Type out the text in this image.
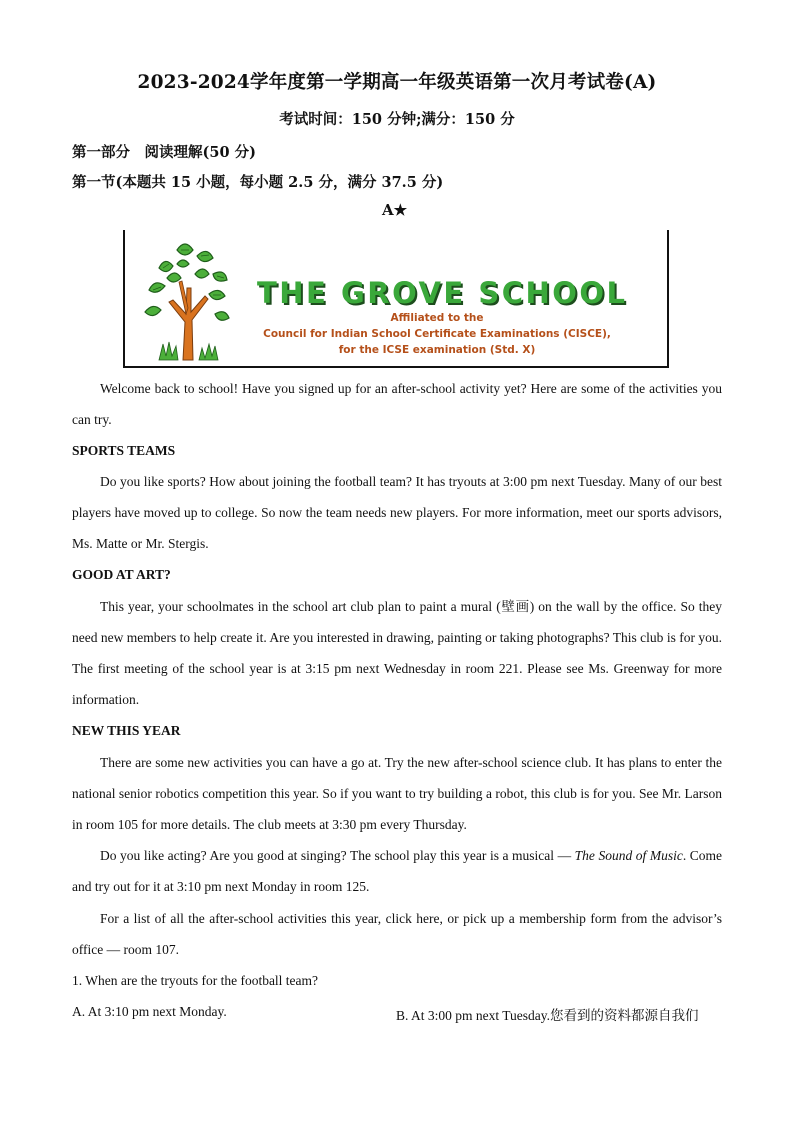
2023-2024学年度第一学期高一年级英语第一次月考试卷(A)
考试时间：150 分钟;满分：150 分
第一部分　阅读理解(50 分)
第一节(本题共 15 小题，每小题 2.5 分，满分 37.5 分)
A★
THE GROVE SCHOOL
Affiliated to the
Council for Indian School Certificate Examinations (CISCE),
for the ICSE examination (Std. X)

Welcome back to school! Have you signed up for an after-school activity yet? Here are some of the activities you can try.

SPORTS TEAMS

Do you like sports? How about joining the football team? It has tryouts at 3:00 pm next Tuesday. Many of our best players have moved up to college. So now the team needs new players. For more information, meet our sports advisors, Ms. Matte or Mr. Stergis.

GOOD AT ART?

This year, your schoolmates in the school art club plan to paint a mural (壁画) on the wall by the office. So they need new members to help create it. Are you interested in drawing, painting or taking photographs? This club is for you. The first meeting of the school year is at 3:15 pm next Wednesday in room 221. Please see Ms. Greenway for more information.

NEW THIS YEAR

There are some new activities you can have a go at. Try the new after-school science club. It has plans to enter the national senior robotics competition this year. So if you want to try building a robot, this club is for you. See Mr. Larson in room 105 for more details. The club meets at 3:30 pm every Thursday.

Do you like acting? Are you good at singing? The school play this year is a musical — The Sound of Music. Come and try out for it at 3:10 pm next Monday in room 125.

For a list of all the after-school activities this year, click here, or pick up a membership form from the advisor’s office — room 107.

1. When are the tryouts for the football team?
A. At 3:10 pm next Monday.	B. At 3:00 pm next Tuesday.您看到的资料都源自我们
